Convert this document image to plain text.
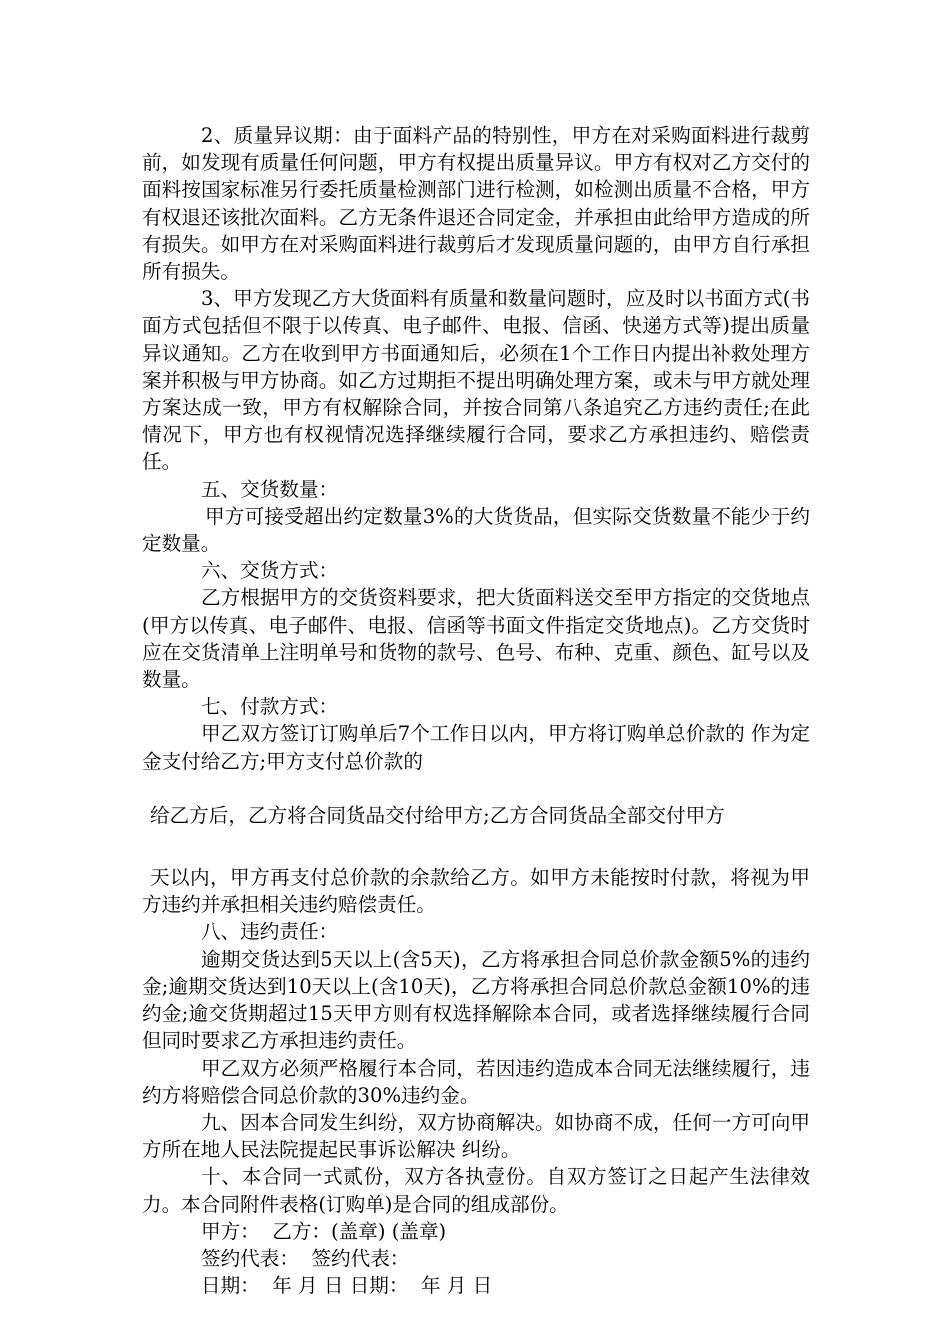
2、质量异议期：由于面料产品的特别性，甲方在对采购面料进行裁剪前，如发现有质量任何问题，甲方有权提出质量异议。甲方有权对乙方交付的面料按国家标准另行委托质量检测部门进行检测，如检测出质量不合格，甲方有权退还该批次面料。乙方无条件退还合同定金，并承担由此给甲方造成的所有损失。如甲方在对采购面料进行裁剪后才发现质量问题的，由甲方自行承担所有损失。

3、甲方发现乙方大货面料有质量和数量问题时，应及时以书面方式(书面方式包括但不限于以传真、电子邮件、电报、信函、快递方式等)提出质量异议通知。乙方在收到甲方书面通知后，必须在1个工作日内提出补救处理方案并积极与甲方协商。如乙方过期拒不提出明确处理方案，或未与甲方就处理方案达成一致，甲方有权解除合同，并按合同第八条追究乙方违约责任;在此情况下，甲方也有权视情况选择继续履行合同，要求乙方承担违约、赔偿责任。

五、交货数量：

甲方可接受超出约定数量3%的大货货品，但实际交货数量不能少于约定数量。

六、交货方式：

乙方根据甲方的交货资料要求，把大货面料送交至甲方指定的交货地点(甲方以传真、电子邮件、电报、信函等书面文件指定交货地点)。乙方交货时应在交货清单上注明单号和货物的款号、色号、布种、克重、颜色、缸号以及数量。

七、付款方式：

甲乙双方签订订购单后7个工作日以内，甲方将订购单总价款的 作为定金支付给乙方;甲方支付总价款的

给乙方后，乙方将合同货品交付给甲方;乙方合同货品全部交付甲方

天以内，甲方再支付总价款的余款给乙方。如甲方未能按时付款，将视为甲方违约并承担相关违约赔偿责任。

八、违约责任：

逾期交货达到5天以上(含5天)，乙方将承担合同总价款金额5%的违约金;逾期交货达到10天以上(含10天)，乙方将承担合同总价款总金额10%的违约金;逾交货期超过15天甲方则有权选择解除本合同，或者选择继续履行合同但同时要求乙方承担违约责任。

甲乙双方必须严格履行本合同，若因违约造成本合同无法继续履行，违约方将赔偿合同总价款的30%违约金。

九、因本合同发生纠纷，双方协商解决。如协商不成，任何一方可向甲方所在地人民法院提起民事诉讼解决 纠纷。

十、本合同一式贰份，双方各执壹份。自双方签订之日起产生法律效力。本合同附件表格(订购单)是合同的组成部份。

甲方：  乙方：(盖章) (盖章)

签约代表：  签约代表：

日期：  年 月 日 日期：  年 月 日
